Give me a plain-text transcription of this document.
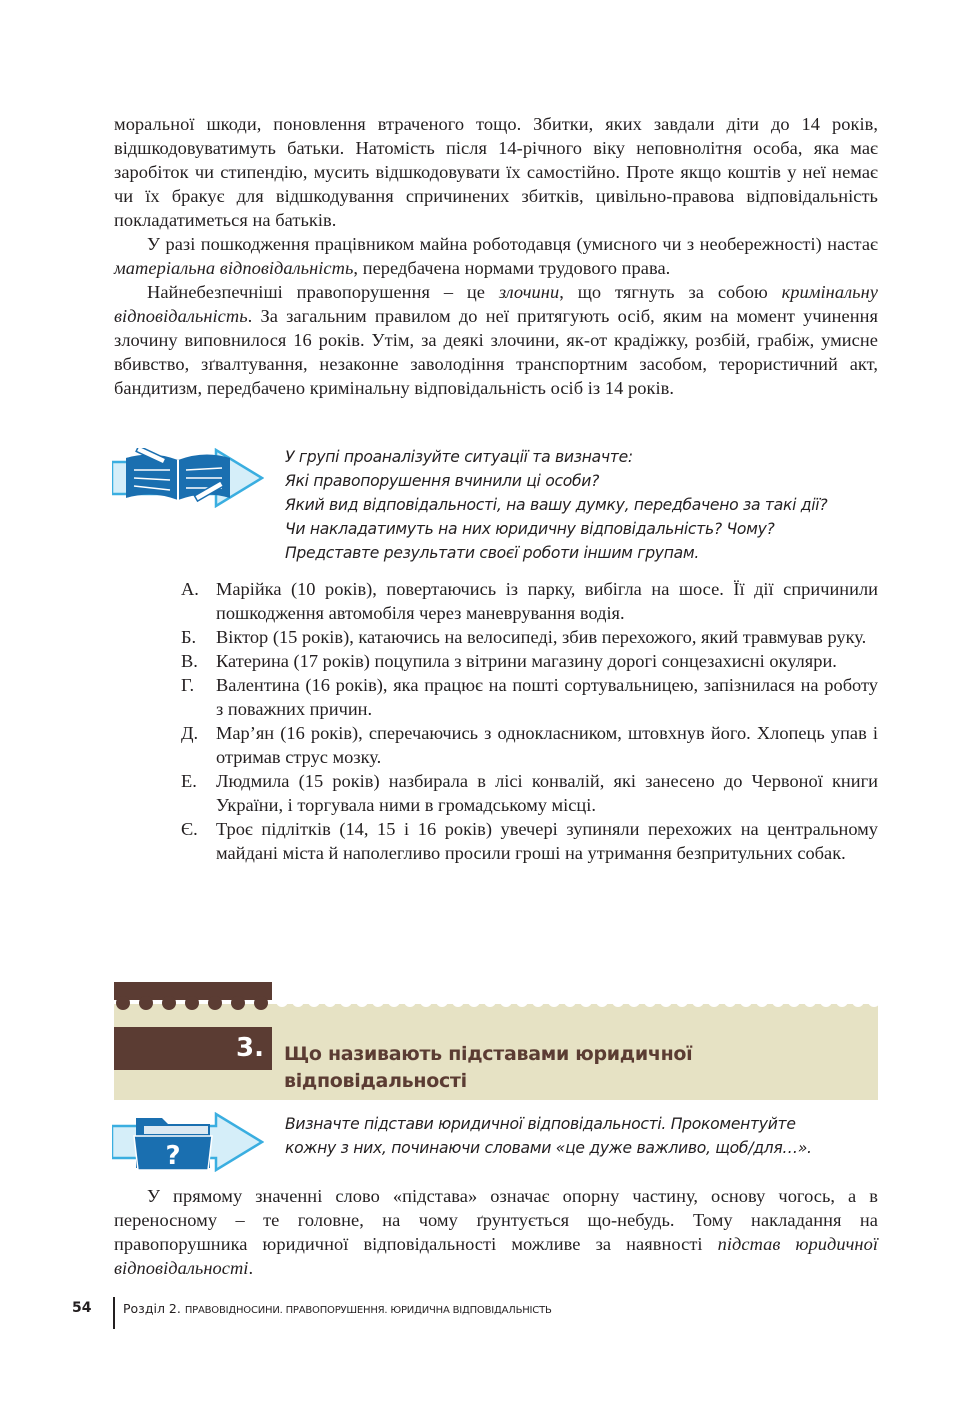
моральної шкоди, поновлення втраченого тощо. Збитки, яких завдали діти до 14 років, відшкодовуватимуть батьки. Натомість після 14-річного віку неповнолітня особа, яка має заробіток чи стипендію, мусить відшкодовувати їх самостійно. Проте якщо коштів у неї немає чи їх бракує для відшкодування спричинених збитків, цивільно-правова відповідальність покладатиметься на батьків.

У разі пошкодження працівником майна роботодавця (умисного чи з необережності) настає матеріальна відповідальність, передбачена нормами трудового права.

Найнебезпечніші правопорушення – це злочини, що тягнуть за собою кримінальну відповідальність. За загальним правилом до неї притягують осіб, яким на момент учинення злочину виповнилося 16 років. Утім, за деякі злочини, як-от крадіжку, розбій, грабіж, умисне вбивство, зґвалтування, незаконне заволодіння транспортним засобом, терористичний акт, бандитизм, передбачено кримінальну відповідальність осіб із 14 років.

У групі проаналізуйте ситуації та визначте:
Які правопорушення вчинили ці особи?
Який вид відповідальності, на вашу думку, передбачено за такі дії?
Чи накладатимуть на них юридичну відповідальність? Чому?
Представте результати своєї роботи іншим групам.
А. Марійка (10 років), повертаючись із парку, вибігла на шосе. Її дії спричинили пошкодження автомобіля через маневрування водія.
Б. Віктор (15 років), катаючись на велосипеді, збив перехожого, який травмував руку.
В. Катерина (17 років) поцупила з вітрини магазину дорогі сонцезахисні окуляри.
Г. Валентина (16 років), яка працює на пошті сортувальницею, запізнилася на роботу з поважних причин.
Д. Мар’ян (16 років), сперечаючись з однокласником, штовхнув його. Хлопець упав і отримав струс мозку.
Е. Людмила (15 років) назбирала в лісі конвалій, які занесено до Червоної книги України, і торгувала ними в громадському місці.
Є. Троє підлітків (14, 15 і 16 років) увечері зупиняли перехожих на центральному майдані міста й наполегливо просили гроші на утримання безпритульних собак.
3. Що називають підставами юридичної
відповідальності
?
Визначте підстави юридичної відповідальності. Прокоментуйте
кожну з них, починаючи словами «це дуже важливо, щоб/для…».

У прямому значенні слово «підстава» означає опорну частину, основу чогось, а в переносному – те головне, на чому ґрунтується що-небудь. Тому накладання на правопорушника юридичної відповідальності можливе за наявності підстав юридичної відповідальності.

54	Розділ 2. ПРАВОВІДНОСИНИ. ПРАВОПОРУШЕННЯ. ЮРИДИЧНА ВІДПОВІДАЛЬНІСТЬ
